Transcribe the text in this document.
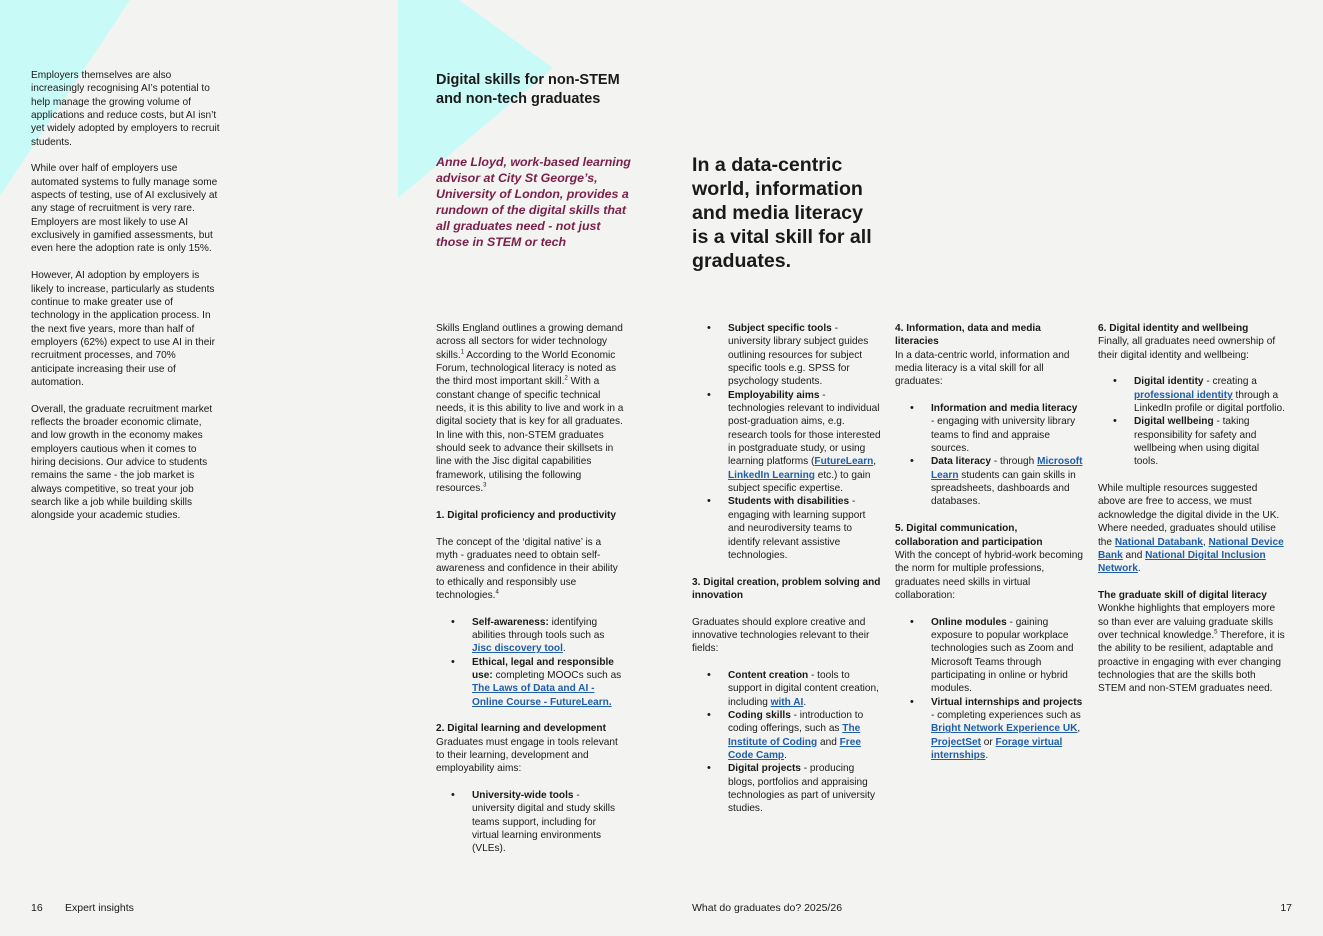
Employers themselves are also increasingly recognising AI’s potential to help manage the growing volume of applications and reduce costs, but AI isn’t yet widely adopted by employers to recruit students.

While over half of employers use automated systems to fully manage some aspects of testing, use of AI exclusively at any stage of recruitment is very rare. Employers are most likely to use AI exclusively in gamified assessments, but even here the adoption rate is only 15%.

However, AI adoption by employers is likely to increase, particularly as students continue to make greater use of technology in the application process. In the next five years, more than half of employers (62%) expect to use AI in their recruitment processes, and 70% anticipate increasing their use of automation.

Overall, the graduate recruitment market reflects the broader economic climate, and low growth in the economy makes employers cautious when it comes to hiring decisions. Our advice to students remains the same - the job market is always competitive, so treat your job search like a job while building skills alongside your academic studies.

Digital skills for non-STEM and non-tech graduates
Anne Lloyd, work-based learning advisor at City St George’s, University of London, provides a rundown of the digital skills that all graduates need - not just those in STEM or tech
In a data-centric world, information and media literacy is a vital skill for all graduates.

Skills England outlines a growing demand across all sectors for wider technology skills.$^1$ According to the World Economic Forum, technological literacy is noted as the third most important skill.$^2$ With a constant change of specific technical needs, it is this ability to live and work in a digital society that is key for all graduates. In line with this, non-STEM graduates should seek to advance their skillsets in line with the Jisc digital capabilities framework, utilising the following resources.$^3$

1. Digital proficiency and productivity

The concept of the ‘digital native’ is a myth - graduates need to obtain self-awareness and confidence in their ability to ethically and responsibly use technologies.$^4$

• Self-awareness: identifying abilities through tools such as Jisc discovery tool.
• Ethical, legal and responsible use: completing MOOCs such as The Laws of Data and AI - Online Course - FutureLearn.

2. Digital learning and development

Graduates must engage in tools relevant to their learning, development and employability aims:

• University-wide tools - university digital and study skills teams support, including for virtual learning environments (VLEs).
• Subject specific tools - university library subject guides outlining resources for subject specific tools e.g. SPSS for psychology students.
• Employability aims - technologies relevant to individual post-graduation aims, e.g. research tools for those interested in postgraduate study, or using learning platforms (FutureLearn, LinkedIn Learning etc.) to gain subject specific expertise.
• Students with disabilities - engaging with learning support and neurodiversity teams to identify relevant assistive technologies.

3. Digital creation, problem solving and innovation

Graduates should explore creative and innovative technologies relevant to their fields:

• Content creation - tools to support in digital content creation, including with AI.
• Coding skills - introduction to coding offerings, such as The Institute of Coding and Free Code Camp.
• Digital projects - producing blogs, portfolios and appraising technologies as part of university studies.

4. Information, data and media literacies

In a data-centric world, information and media literacy is a vital skill for all graduates:

• Information and media literacy - engaging with university library teams to find and appraise sources.
• Data literacy - through Microsoft Learn students can gain skills in spreadsheets, dashboards and databases.

5. Digital communication, collaboration and participation

With the concept of hybrid-work becoming the norm for multiple professions, graduates need skills in virtual collaboration:

• Online modules - gaining exposure to popular workplace technologies such as Zoom and Microsoft Teams through participating in online or hybrid modules.
• Virtual internships and projects - completing experiences such as Bright Network Experience UK, ProjectSet or Forage virtual internships.

6. Digital identity and wellbeing

Finally, all graduates need ownership of their digital identity and wellbeing:

• Digital identity - creating a professional identity through a LinkedIn profile or digital portfolio.
• Digital wellbeing - taking responsibility for safety and wellbeing when using digital tools.

While multiple resources suggested above are free to access, we must acknowledge the digital divide in the UK. Where needed, graduates should utilise the National Databank, National Device Bank and National Digital Inclusion Network.

The graduate skill of digital literacy

Wonkhe highlights that employers more so than ever are valuing graduate skills over technical knowledge.$^5$ Therefore, it is the ability to be resilient, adaptable and proactive in engaging with ever changing technologies that are the skills both STEM and non-STEM graduates need.

16 Expert insights	What do graduates do? 2025/26	17
